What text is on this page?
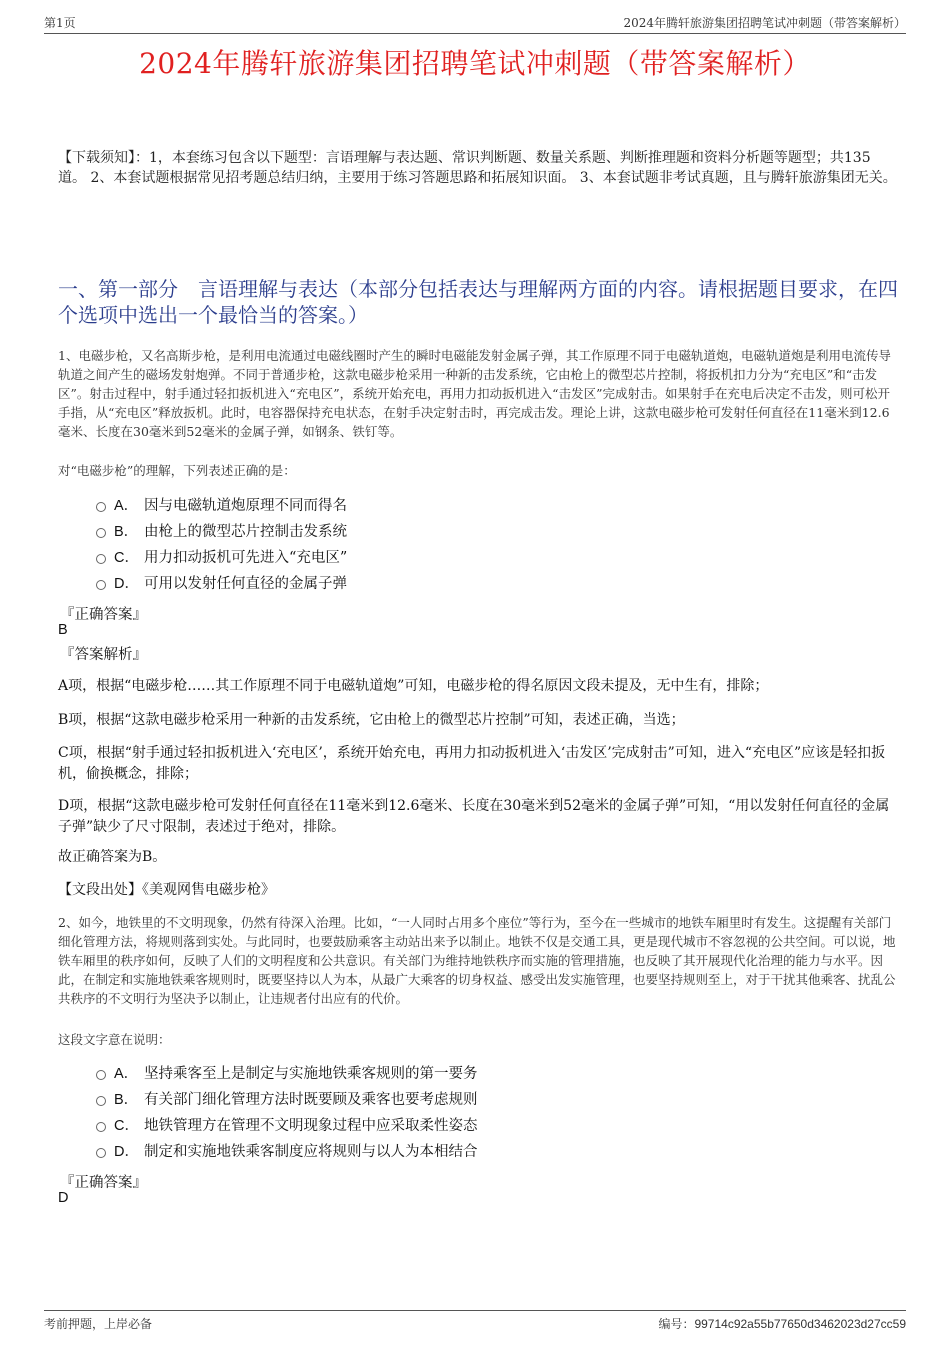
第1页	2024年腾轩旅游集团招聘笔试冲刺题（带答案解析）
2024年腾轩旅游集团招聘笔试冲刺题（带答案解析）
【下载须知】：1，本套练习包含以下题型：言语理解与表达题、常识判断题、数量关系题、判断推理题和资料分析题等题型；共135道。 2、本套试题根据常见招考题总结归纳，主要用于练习答题思路和拓展知识面。 3、本套试题非考试真题，且与腾轩旅游集团无关。
一、第一部分　言语理解与表达（本部分包括表达与理解两方面的内容。请根据题目要求，在四个选项中选出一个最恰当的答案。）
1、电磁步枪，又名高斯步枪，是利用电流通过电磁线圈时产生的瞬时电磁能发射金属子弹，其工作原理不同于电磁轨道炮，电磁轨道炮是利用电流传导轨道之间产生的磁场发射炮弹。不同于普通步枪，这款电磁步枪采用一种新的击发系统，它由枪上的微型芯片控制，将扳机扣力分为“充电区”和“击发区”。射击过程中，射手通过轻扣扳机进入“充电区”，系统开始充电，再用力扣动扳机进入“击发区”完成射击。如果射手在充电后决定不击发，则可松开手指，从“充电区”释放扳机。此时，电容器保持充电状态，在射手决定射击时，再完成击发。理论上讲，这款电磁步枪可发射任何直径在11毫米到12.6毫米、长度在30毫米到52毫米的金属子弹，如钢条、铁钉等。
对“电磁步枪”的理解，下列表述正确的是：
A． 因与电磁轨道炮原理不同而得名
B． 由枪上的微型芯片控制击发系统
C． 用力扣动扳机可先进入“充电区”
D． 可用以发射任何直径的金属子弹
『正确答案』
B
『答案解析』
A项，根据“电磁步枪……其工作原理不同于电磁轨道炮”可知，电磁步枪的得名原因文段未提及，无中生有，排除；
B项，根据“这款电磁步枪采用一种新的击发系统，它由枪上的微型芯片控制”可知，表述正确，当选；
C项，根据“射手通过轻扣扳机进入‘充电区’，系统开始充电，再用力扣动扳机进入‘击发区’完成射击”可知，进入“充电区”应该是轻扣扳机，偷换概念，排除；
D项，根据“这款电磁步枪可发射任何直径在11毫米到12.6毫米、长度在30毫米到52毫米的金属子弹”可知，“用以发射任何直径的金属子弹”缺少了尺寸限制，表述过于绝对，排除。
故正确答案为B。
【文段出处】《美观网售电磁步枪》
2、如今，地铁里的不文明现象，仍然有待深入治理。比如，“一人同时占用多个座位”等行为，至今在一些城市的地铁车厢里时有发生。这提醒有关部门细化管理方法，将规则落到实处。与此同时，也要鼓励乘客主动站出来予以制止。地铁不仅是交通工具，更是现代城市不容忽视的公共空间。可以说，地铁车厢里的秩序如何，反映了人们的文明程度和公共意识。有关部门为维持地铁秩序而实施的管理措施，也反映了其开展现代化治理的能力与水平。因此，在制定和实施地铁乘客规则时，既要坚持以人为本，从最广大乘客的切身权益、感受出发实施管理，也要坚持规则至上，对于干扰其他乘客、扰乱公共秩序的不文明行为坚决予以制止，让违规者付出应有的代价。
这段文字意在说明：
A． 坚持乘客至上是制定与实施地铁乘客规则的第一要务
B． 有关部门细化管理方法时既要顾及乘客也要考虑规则
C． 地铁管理方在管理不文明现象过程中应采取柔性姿态
D． 制定和实施地铁乘客制度应将规则与以人为本相结合
『正确答案』
D
考前押题，上岸必备	编号：99714c92a55b77650d3462023d27cc59
